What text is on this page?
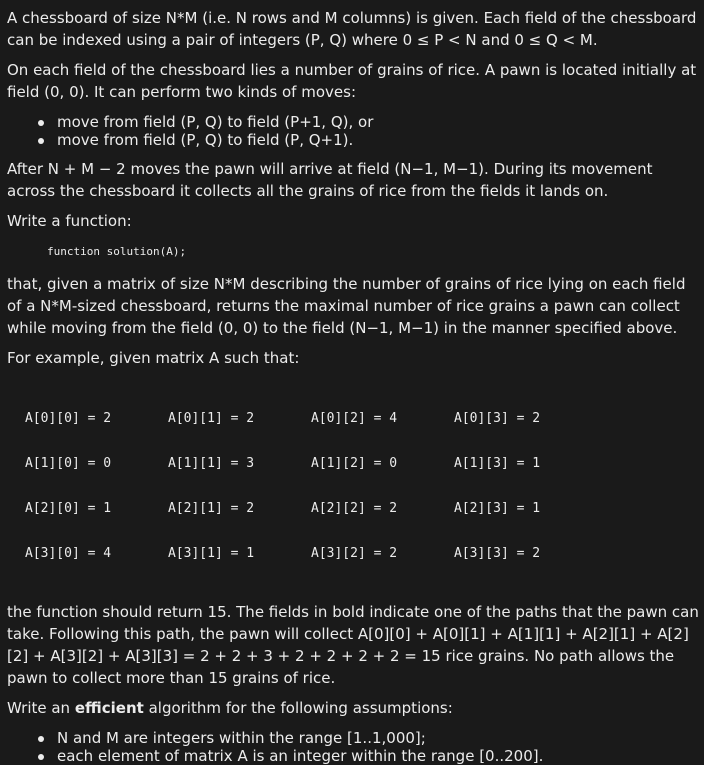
A chessboard of size N*M (i.e. N rows and M columns) is given. Each field of the chessboard can be indexed using a pair of integers (P, Q) where 0 ≤ P < N and 0 ≤ Q < M.

On each field of the chessboard lies a number of grains of rice. A pawn is located initially at field (0, 0). It can perform two kinds of moves:

move from field (P, Q) to field (P+1, Q), or
move from field (P, Q) to field (P, Q+1).

After N + M − 2 moves the pawn will arrive at field (N−1, M−1). During its movement across the chessboard it collects all the grains of rice from the fields it lands on.

Write a function:

function solution(A);

that, given a matrix of size N*M describing the number of grains of rice lying on each field of a N*M-sized chessboard, returns the maximal number of rice grains a pawn can collect while moving from the field (0, 0) to the field (N−1, M−1) in the manner specified above.

For example, given matrix A such that:

A[0][0] = 2

A[1][0] = 0

A[2][0] = 1

A[3][0] = 4

A[0][1] = 2

A[1][1] = 3

A[2][1] = 2

A[3][1] = 1

A[0][2] = 4

A[1][2] = 0

A[2][2] = 2

A[3][2] = 2

A[0][3] = 2

A[1][3] = 1

A[2][3] = 1

A[3][3] = 2

the function should return 15. The fields in bold indicate one of the paths that the pawn can take. Following this path, the pawn will collect A[0][0] + A[0][1] + A[1][1] + A[2][1] + A[2][2] + A[3][2] + A[3][3] = 2 + 2 + 3 + 2 + 2 + 2 + 2 = 15 rice grains. No path allows the pawn to collect more than 15 grains of rice.

Write an efficient algorithm for the following assumptions:

N and M are integers within the range [1..1,000];
each element of matrix A is an integer within the range [0..200].
